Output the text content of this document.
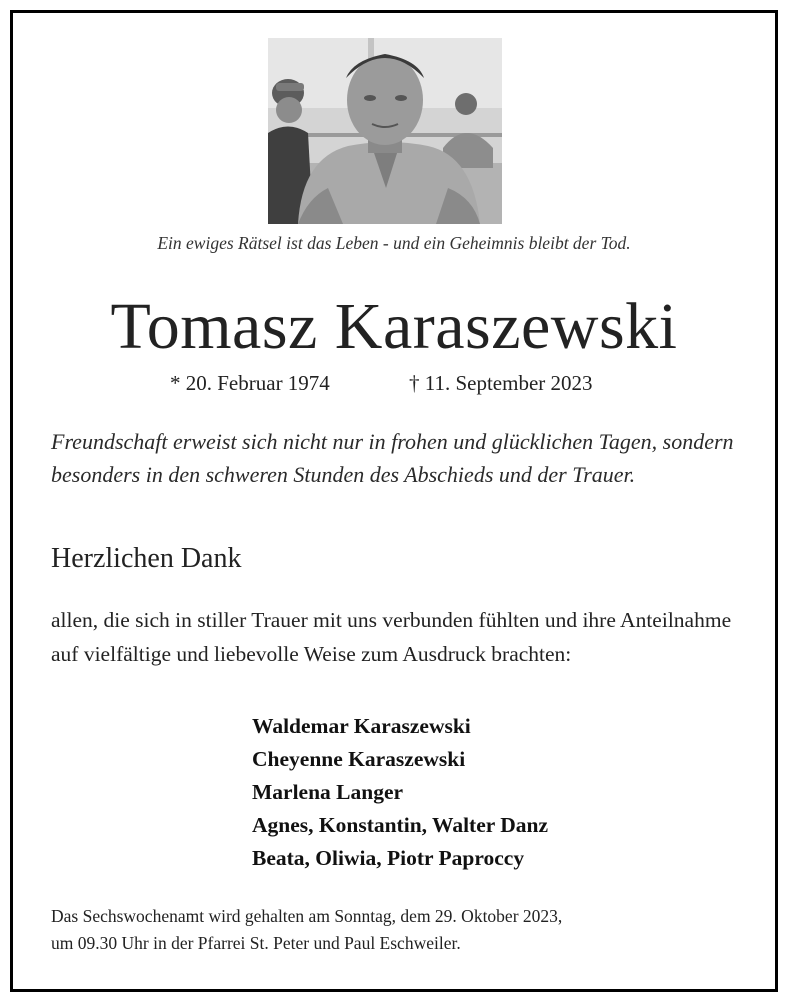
Ein ewiges Rätsel ist das Leben - und ein Geheimnis bleibt der Tod.
Tomasz Karaszewski
* 20. Februar 1974	† 11. September 2023
Freundschaft erweist sich nicht nur in frohen und glücklichen Tagen, sondern besonders in den schweren Stunden des Abschieds und der Trauer.
Herzlichen Dank
allen, die sich in stiller Trauer mit uns verbunden fühlten und ihre Anteilnahme auf vielfältige und liebevolle Weise zum Ausdruck brachten:
Waldemar Karaszewski
Cheyenne Karaszewski
Marlena Langer
Agnes, Konstantin, Walter Danz
Beata, Oliwia, Piotr Paproccy
Das Sechswochenamt wird gehalten am Sonntag, dem 29. Oktober 2023,
um 09.30 Uhr in der Pfarrei St. Peter und Paul Eschweiler.
